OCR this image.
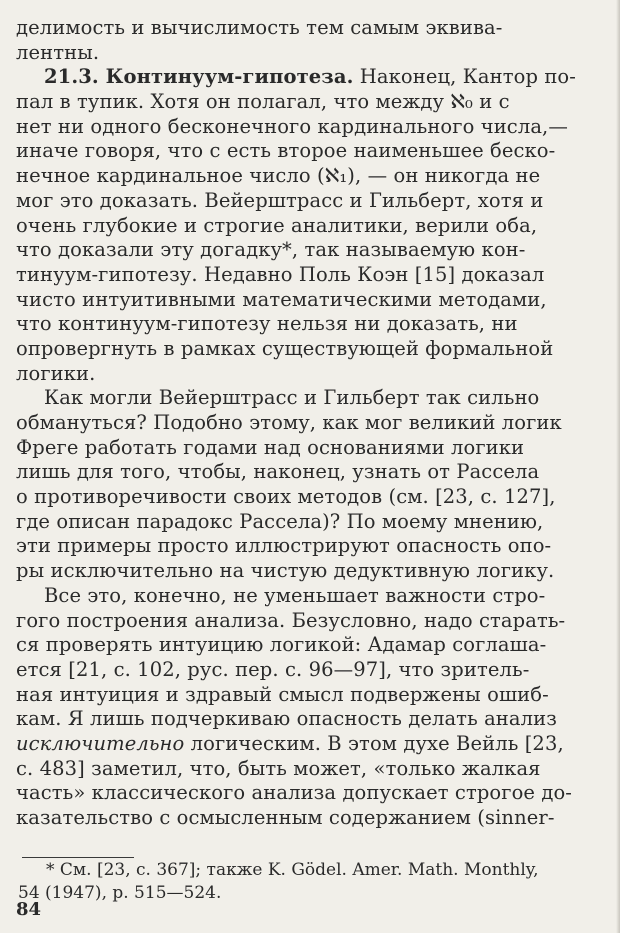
делимость и вычислимость тем самым эквива-
лентны.
21.3. Континуум-гипотеза. Наконец, Кантор по-
пал в тупик. Хотя он полагал, что между ℵ₀ и c
нет ни одного бесконечного кардинального числа,—
иначе говоря, что c есть второе наименьшее беско-
нечное кардинальное число (ℵ₁), — он никогда не
мог это доказать. Вейерштрасс и Гильберт, хотя и
очень глубокие и строгие аналитики, верили оба,
что доказали эту догадку*, так называемую кон-
тинуум-гипотезу. Недавно Поль Коэн [15] доказал
чисто интуитивными математическими методами,
что континуум-гипотезу нельзя ни доказать, ни
опровергнуть в рамках существующей формальной
логики.
Как могли Вейерштрасс и Гильберт так сильно
обмануться? Подобно этому, как мог великий логик
Фреге работать годами над основаниями логики
лишь для того, чтобы, наконец, узнать от Рассела
о противоречивости своих методов (см. [23, с. 127],
где описан парадокс Рассела)? По моему мнению,
эти примеры просто иллюстрируют опасность опо-
ры исключительно на чистую дедуктивную логику.
Все это, конечно, не уменьшает важности стро-
гого построения анализа. Безусловно, надо старать-
ся проверять интуицию логикой: Адамар соглаша-
ется [21, с. 102, рус. пер. с. 96—97], что зритель-
ная интуиция и здравый смысл подвержены ошиб-
кам. Я лишь подчеркиваю опасность делать анализ
исключительно логическим. В этом духе Вейль [23,
с. 483] заметил, что, быть может, «только жалкая
часть» классического анализа допускает строгое до-
казательство с осмысленным содержанием (sinner-
* См. [23, с. 367]; также K. Gödel. Amer. Math. Monthly,
54 (1947), p. 515—524.
84
